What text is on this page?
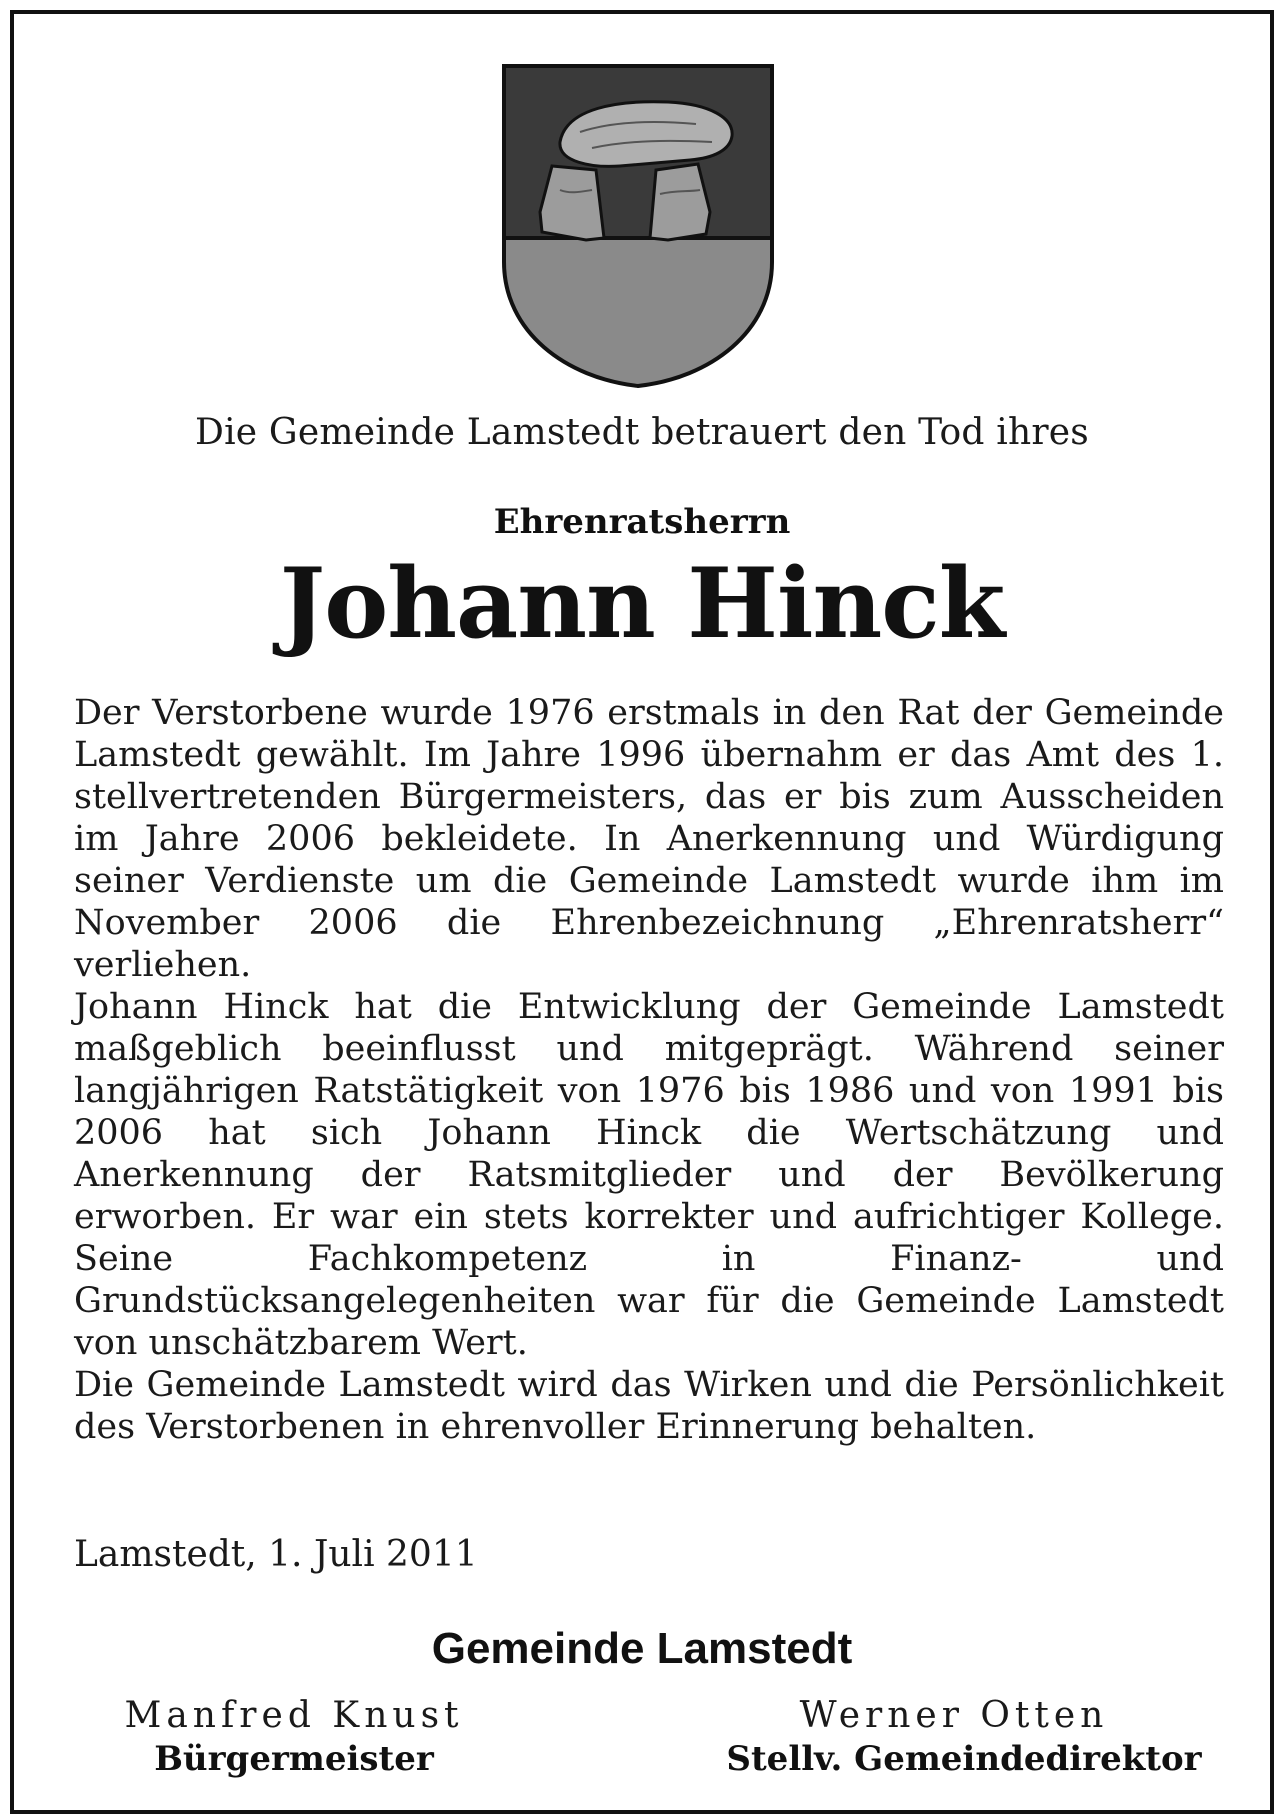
Die Gemeinde Lamstedt betrauert den Tod ihres
Ehrenratsherrn
Johann Hinck

Der Verstorbene wurde 1976 erstmals in den Rat der Gemeinde Lamstedt gewählt. Im Jahre 1996 übernahm er das Amt des 1. stellvertretenden Bürgermeisters, das er bis zum Ausscheiden im Jahre 2006 bekleidete. In Anerkennung und Würdigung seiner Verdienste um die Gemeinde Lamstedt wurde ihm im November 2006 die Ehrenbezeichnung „Ehrenratsherr“ verliehen.

Johann Hinck hat die Entwicklung der Gemeinde Lamstedt maßgeblich beeinflusst und mitgeprägt. Während seiner langjährigen Ratstätigkeit von 1976 bis 1986 und von 1991 bis 2006 hat sich Johann Hinck die Wertschätzung und Anerkennung der Ratsmitglieder und der Bevölkerung erworben. Er war ein stets korrekter und aufrichtiger Kollege. Seine Fachkompetenz in Finanz- und Grundstücksangelegenheiten war für die Gemeinde Lamstedt von unschätzbarem Wert.

Die Gemeinde Lamstedt wird das Wirken und die Persönlichkeit des Verstorbenen in ehrenvoller Erinnerung behalten.

Lamstedt, 1. Juli 2011
Gemeinde Lamstedt
Manfred Knust
Bürgermeister
Werner Otten
Stellv. Gemeindedirektor
